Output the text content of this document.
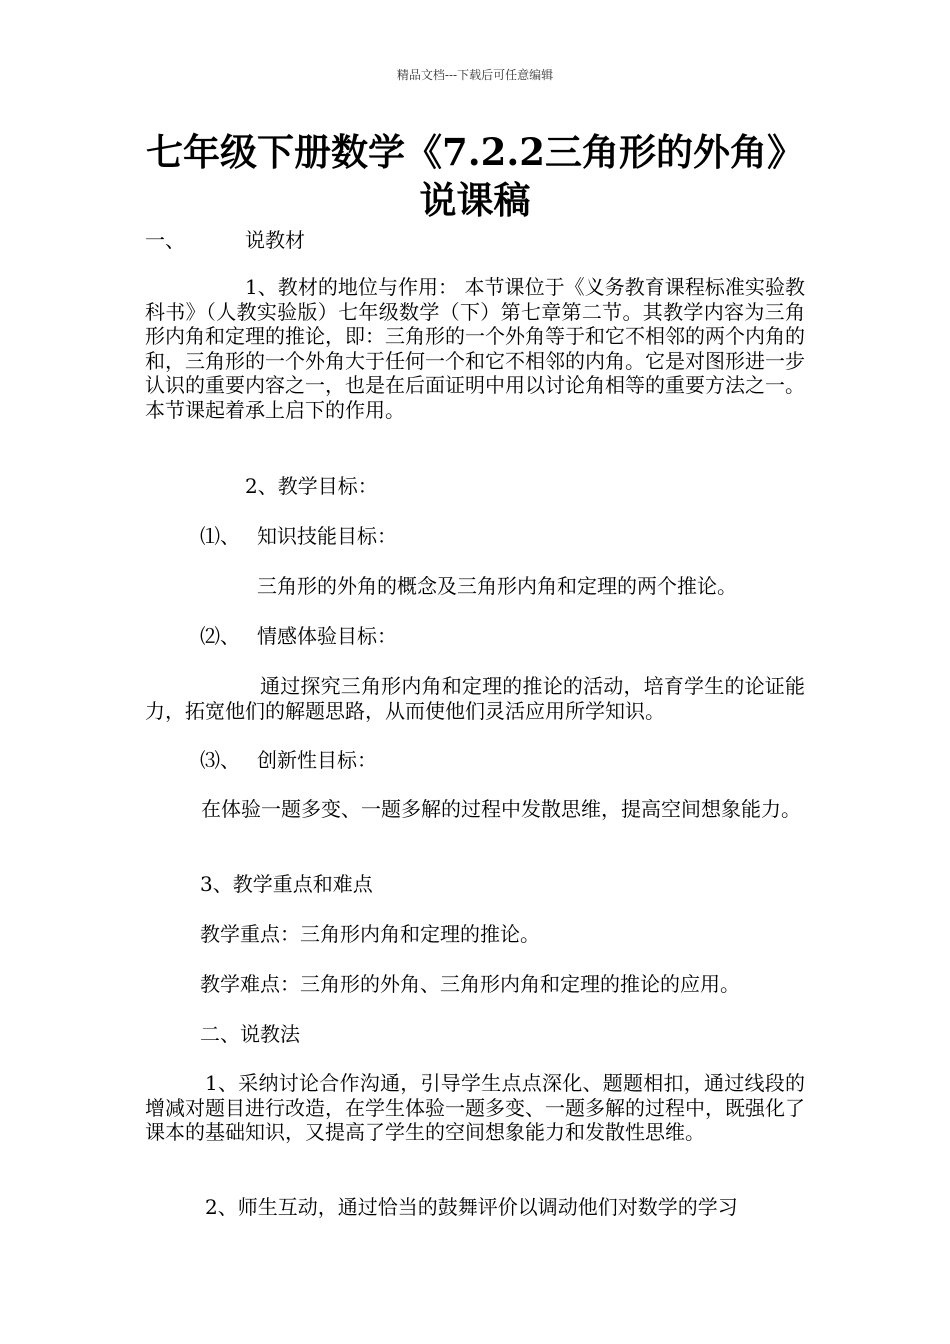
精品文档---下载后可任意编辑
七年级下册数学《7.2.2三角形的外角》说课稿
一、	说教材

1、教材的地位与作用： 本节课位于《义务教育课程标准实验教科书》（人教实验版）七年级数学（下）第七章第二节。其教学内容为三角形内角和定理的推论，即：三角形的一个外角等于和它不相邻的两个内角的和，三角形的一个外角大于任何一个和它不相邻的内角。它是对图形进一步认识的重要内容之一，也是在后面证明中用以讨论角相等的重要方法之一。本节课起着承上启下的作用。

2、教学目标：
⑴、 知识技能目标：
三角形的外角的概念及三角形内角和定理的两个推论。
⑵、 情感体验目标：

通过探究三角形内角和定理的推论的活动，培育学生的论证能力，拓宽他们的解题思路，从而使他们灵活应用所学知识。

⑶、 创新性目标：

在体验一题多变、一题多解的过程中发散思维，提高空间想象能力。

3、教学重点和难点
教学重点：三角形内角和定理的推论。
教学难点：三角形的外角、三角形内角和定理的推论的应用。
二、说教法

1、采纳讨论合作沟通，引导学生点点深化、题题相扣，通过线段的增减对题目进行改造，在学生体验一题多变、一题多解的过程中，既强化了课本的基础知识，又提高了学生的空间想象能力和发散性思维。

2、师生互动，通过恰当的鼓舞评价以调动他们对数学的学习
